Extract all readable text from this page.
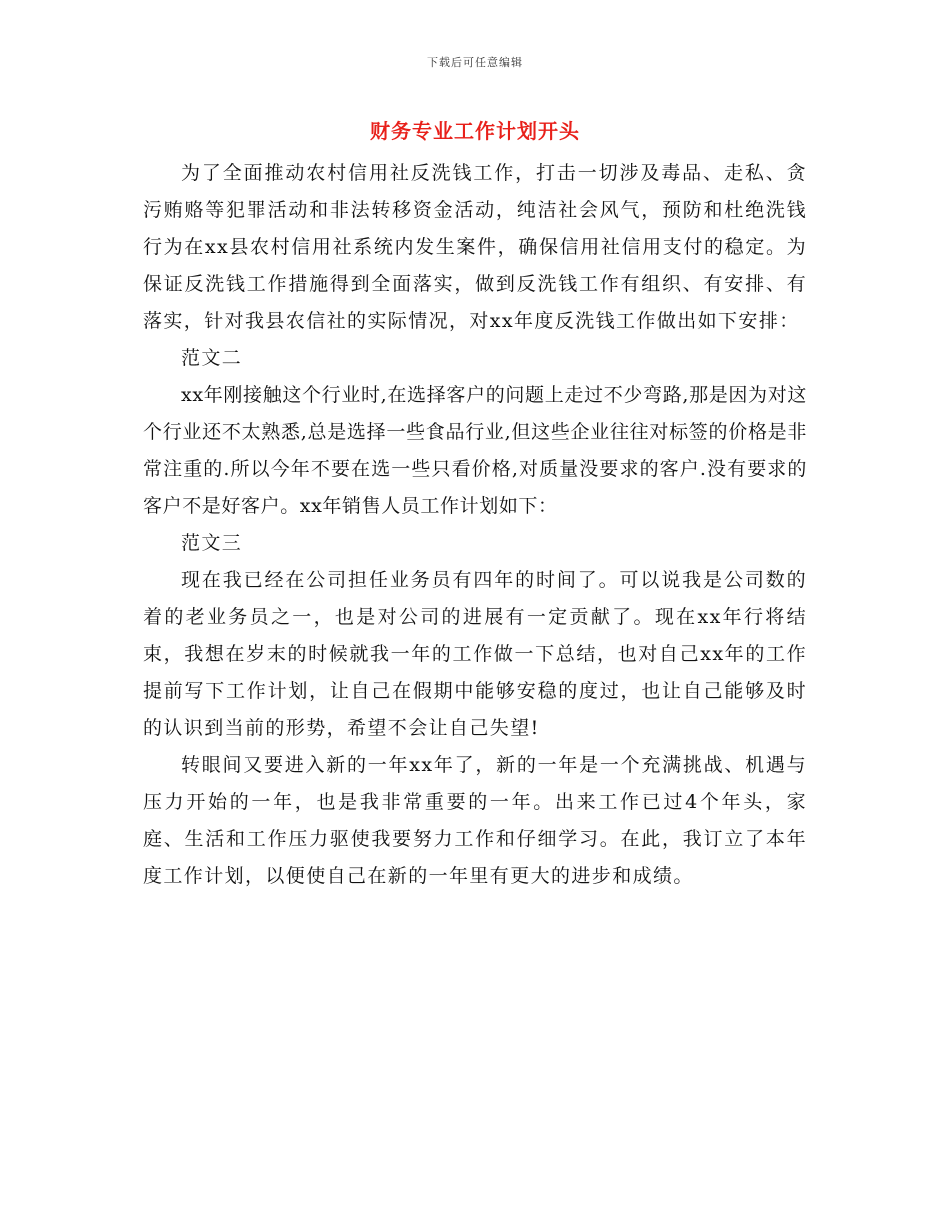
下载后可任意编辑
财务专业工作计划开头

为了全面推动农村信用社反洗钱工作，打击一切涉及毒品、走私、贪污贿赂等犯罪活动和非法转移资金活动，纯洁社会风气，预防和杜绝洗钱行为在xx县农村信用社系统内发生案件，确保信用社信用支付的稳定。为保证反洗钱工作措施得到全面落实，做到反洗钱工作有组织、有安排、有落实，针对我县农信社的实际情况，对xx年度反洗钱工作做出如下安排：

范文二

xx年刚接触这个行业时,在选择客户的问题上走过不少弯路,那是因为对这个行业还不太熟悉,总是选择一些食品行业,但这些企业往往对标签的价格是非常注重的.所以今年不要在选一些只看价格,对质量没要求的客户.没有要求的客户不是好客户。xx年销售人员工作计划如下：

范文三

现在我已经在公司担任业务员有四年的时间了。可以说我是公司数的着的老业务员之一，也是对公司的进展有一定贡献了。现在xx年行将结束，我想在岁末的时候就我一年的工作做一下总结，也对自己xx年的工作提前写下工作计划，让自己在假期中能够安稳的度过，也让自己能够及时的认识到当前的形势，希望不会让自己失望!

转眼间又要进入新的一年xx年了，新的一年是一个充满挑战、机遇与压力开始的一年，也是我非常重要的一年。出来工作已过4个年头，家庭、生活和工作压力驱使我要努力工作和仔细学习。在此，我订立了本年度工作计划，以便使自己在新的一年里有更大的进步和成绩。
